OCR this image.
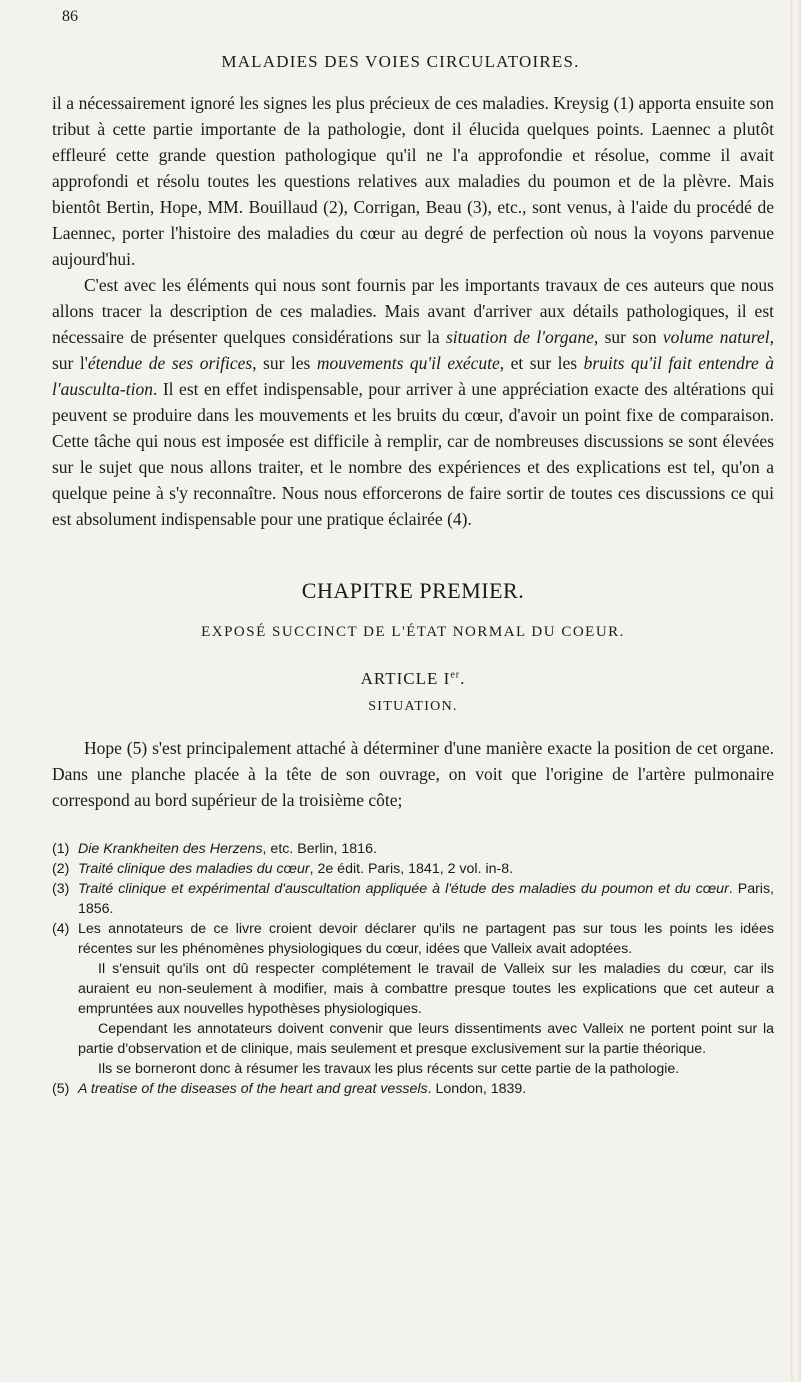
86
MALADIES DES VOIES CIRCULATOIRES.

il a nécessairement ignoré les signes les plus précieux de ces maladies. Kreysig (1) apporta ensuite son tribut à cette partie importante de la pathologie, dont il élucida quelques points. Laennec a plutôt effleuré cette grande question pathologique qu'il ne l'a approfondie et résolue, comme il avait approfondi et résolu toutes les questions relatives aux maladies du poumon et de la plèvre. Mais bientôt Bertin, Hope, MM. Bouillaud (2), Corrigan, Beau (3), etc., sont venus, à l'aide du procédé de Laennec, porter l'histoire des maladies du cœur au degré de perfection où nous la voyons parvenue aujourd'hui.

C'est avec les éléments qui nous sont fournis par les importants travaux de ces auteurs que nous allons tracer la description de ces maladies. Mais avant d'arriver aux détails pathologiques, il est nécessaire de présenter quelques considérations sur la situation de l'organe, sur son volume naturel, sur l'étendue de ses orifices, sur les mouvements qu'il exécute, et sur les bruits qu'il fait entendre à l'ausculta-tion. Il est en effet indispensable, pour arriver à une appréciation exacte des altérations qui peuvent se produire dans les mouvements et les bruits du cœur, d'avoir un point fixe de comparaison. Cette tâche qui nous est imposée est difficile à remplir, car de nombreuses discussions se sont élevées sur le sujet que nous allons traiter, et le nombre des expériences et des explications est tel, qu'on a quelque peine à s'y reconnaître. Nous nous efforcerons de faire sortir de toutes ces discussions ce qui est absolument indispensable pour une pratique éclairée (4).

CHAPITRE PREMIER.
EXPOSÉ SUCCINCT DE L'ÉTAT NORMAL DU COEUR.
ARTICLE Ier.
SITUATION.

Hope (5) s'est principalement attaché à déterminer d'une manière exacte la position de cet organe. Dans une planche placée à la tête de son ouvrage, on voit que l'origine de l'artère pulmonaire correspond au bord supérieur de la troisième côte;

(1) Die Krankheiten des Herzens, etc. Berlin, 1816.

(2) Traité clinique des maladies du cœur, 2e édit. Paris, 1841, 2 vol. in-8.

(3) Traité clinique et expérimental d'auscultation appliquée à l'étude des maladies du poumon et du cœur. Paris, 1856.

(4) Les annotateurs de ce livre croient devoir déclarer qu'ils ne partagent pas sur tous les points les idées récentes sur les phénomènes physiologiques du cœur, idées que Valleix avait adoptées.

Il s'ensuit qu'ils ont dû respecter complétement le travail de Valleix sur les maladies du cœur, car ils auraient eu non-seulement à modifier, mais à combattre presque toutes les explications que cet auteur a empruntées aux nouvelles hypothèses physiologiques.

Cependant les annotateurs doivent convenir que leurs dissentiments avec Valleix ne portent point sur la partie d'observation et de clinique, mais seulement et presque exclusivement sur la partie théorique.

Ils se borneront donc à résumer les travaux les plus récents sur cette partie de la pathologie.

(5) A treatise of the diseases of the heart and great vessels. London, 1839.
